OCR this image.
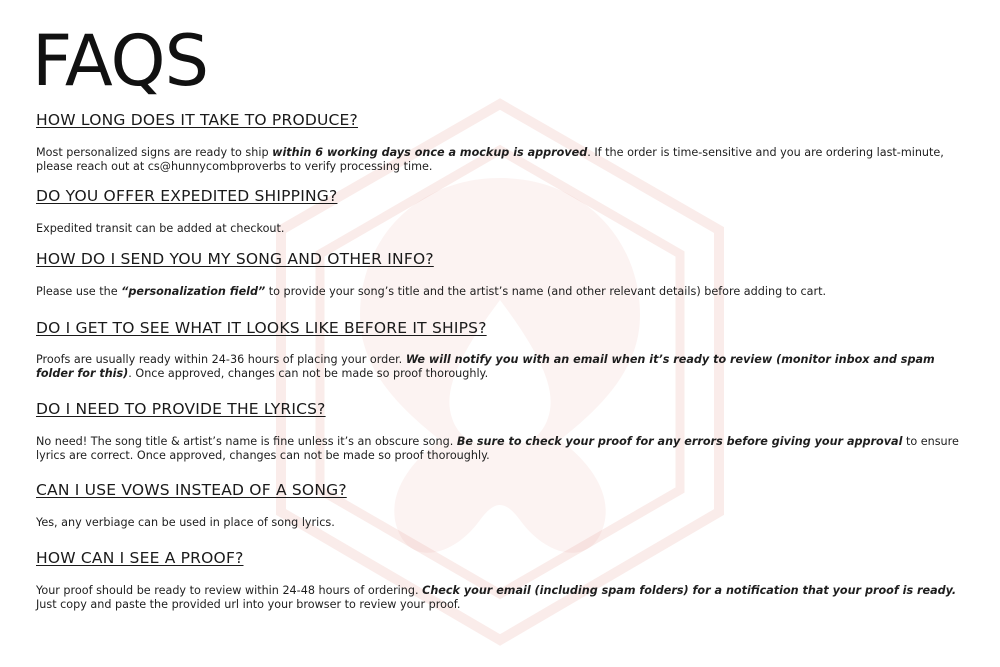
FAQS
HOW LONG DOES IT TAKE TO PRODUCE?

Most personalized signs are ready to ship within 6 working days once a mockup is approved. If the order is time-sensitive and you are ordering last-minute, please reach out at cs@hunnycombproverbs to verify processing time.

DO YOU OFFER EXPEDITED SHIPPING?

Expedited transit can be added at checkout.

HOW DO I SEND YOU MY SONG AND OTHER INFO?

Please use the “personalization field” to provide your song’s title and the artist’s name (and other relevant details) before adding to cart.

DO I GET TO SEE WHAT IT LOOKS LIKE BEFORE IT SHIPS?

Proofs are usually ready within 24-36 hours of placing your order. We will notify you with an email when it’s ready to review (monitor inbox and spam folder for this). Once approved, changes can not be made so proof thoroughly.

DO I NEED TO PROVIDE THE LYRICS?

No need! The song title & artist’s name is fine unless it’s an obscure song. Be sure to check your proof for any errors before giving your approval to ensure lyrics are correct. Once approved, changes can not be made so proof thoroughly.

CAN I USE VOWS INSTEAD OF A SONG?

Yes, any verbiage can be used in place of song lyrics.

HOW CAN I SEE A PROOF?

Your proof should be ready to review within 24-48 hours of ordering. Check your email (including spam folders) for a notification that your proof is ready. Just copy and paste the provided url into your browser to review your proof.
